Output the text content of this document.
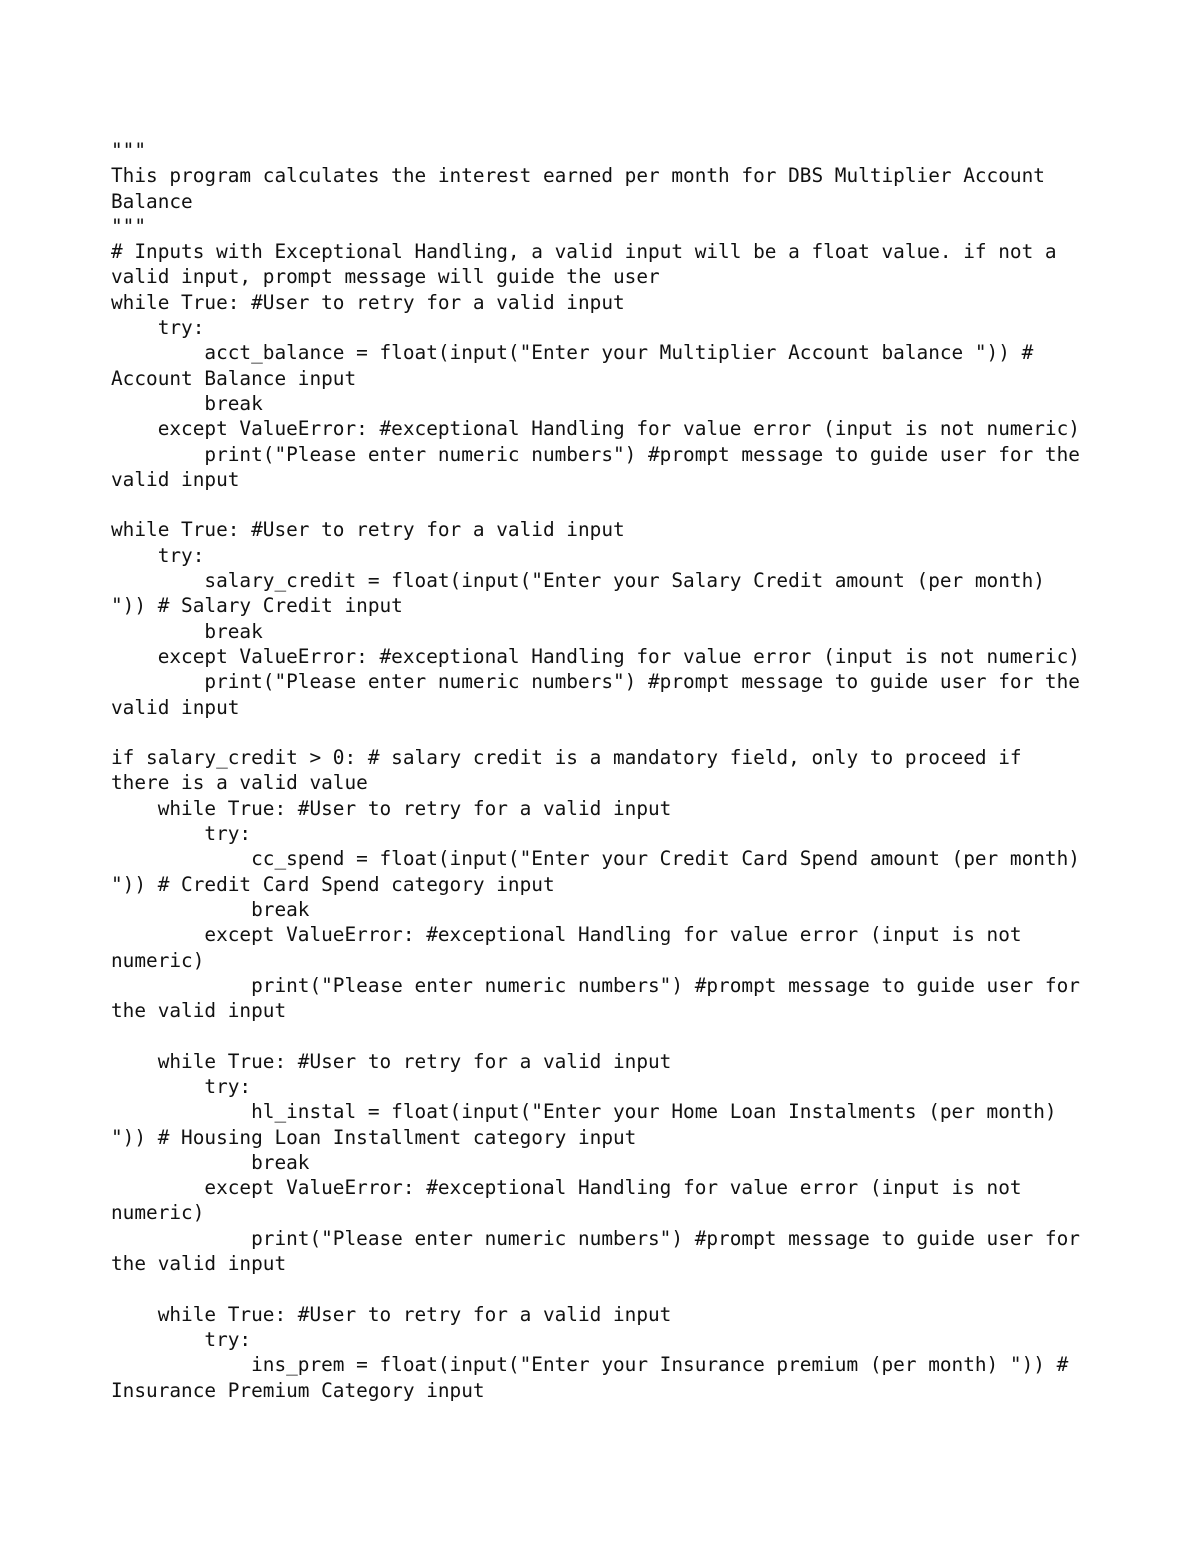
"""
This program calculates the interest earned per month for DBS Multiplier Account
Balance
"""
# Inputs with Exceptional Handling, a valid input will be a float value. if not a
valid input, prompt message will guide the user
while True: #User to retry for a valid input
try:
acct_balance = float(input("Enter your Multiplier Account balance ")) #
Account Balance input
break
except ValueError: #exceptional Handling for value error (input is not numeric)
print("Please enter numeric numbers") #prompt message to guide user for the
valid input
while True: #User to retry for a valid input
try:
salary_credit = float(input("Enter your Salary Credit amount (per month)
")) # Salary Credit input
break
except ValueError: #exceptional Handling for value error (input is not numeric)
print("Please enter numeric numbers") #prompt message to guide user for the
valid input
if salary_credit > 0: # salary credit is a mandatory field, only to proceed if
there is a valid value
while True: #User to retry for a valid input
try:
cc_spend = float(input("Enter your Credit Card Spend amount (per month)
")) # Credit Card Spend category input
break
except ValueError: #exceptional Handling for value error (input is not
numeric)
print("Please enter numeric numbers") #prompt message to guide user for
the valid input
while True: #User to retry for a valid input
try:
hl_instal = float(input("Enter your Home Loan Instalments (per month)
")) # Housing Loan Installment category input
break
except ValueError: #exceptional Handling for value error (input is not
numeric)
print("Please enter numeric numbers") #prompt message to guide user for
the valid input
while True: #User to retry for a valid input
try:
ins_prem = float(input("Enter your Insurance premium (per month) ")) #
Insurance Premium Category input
